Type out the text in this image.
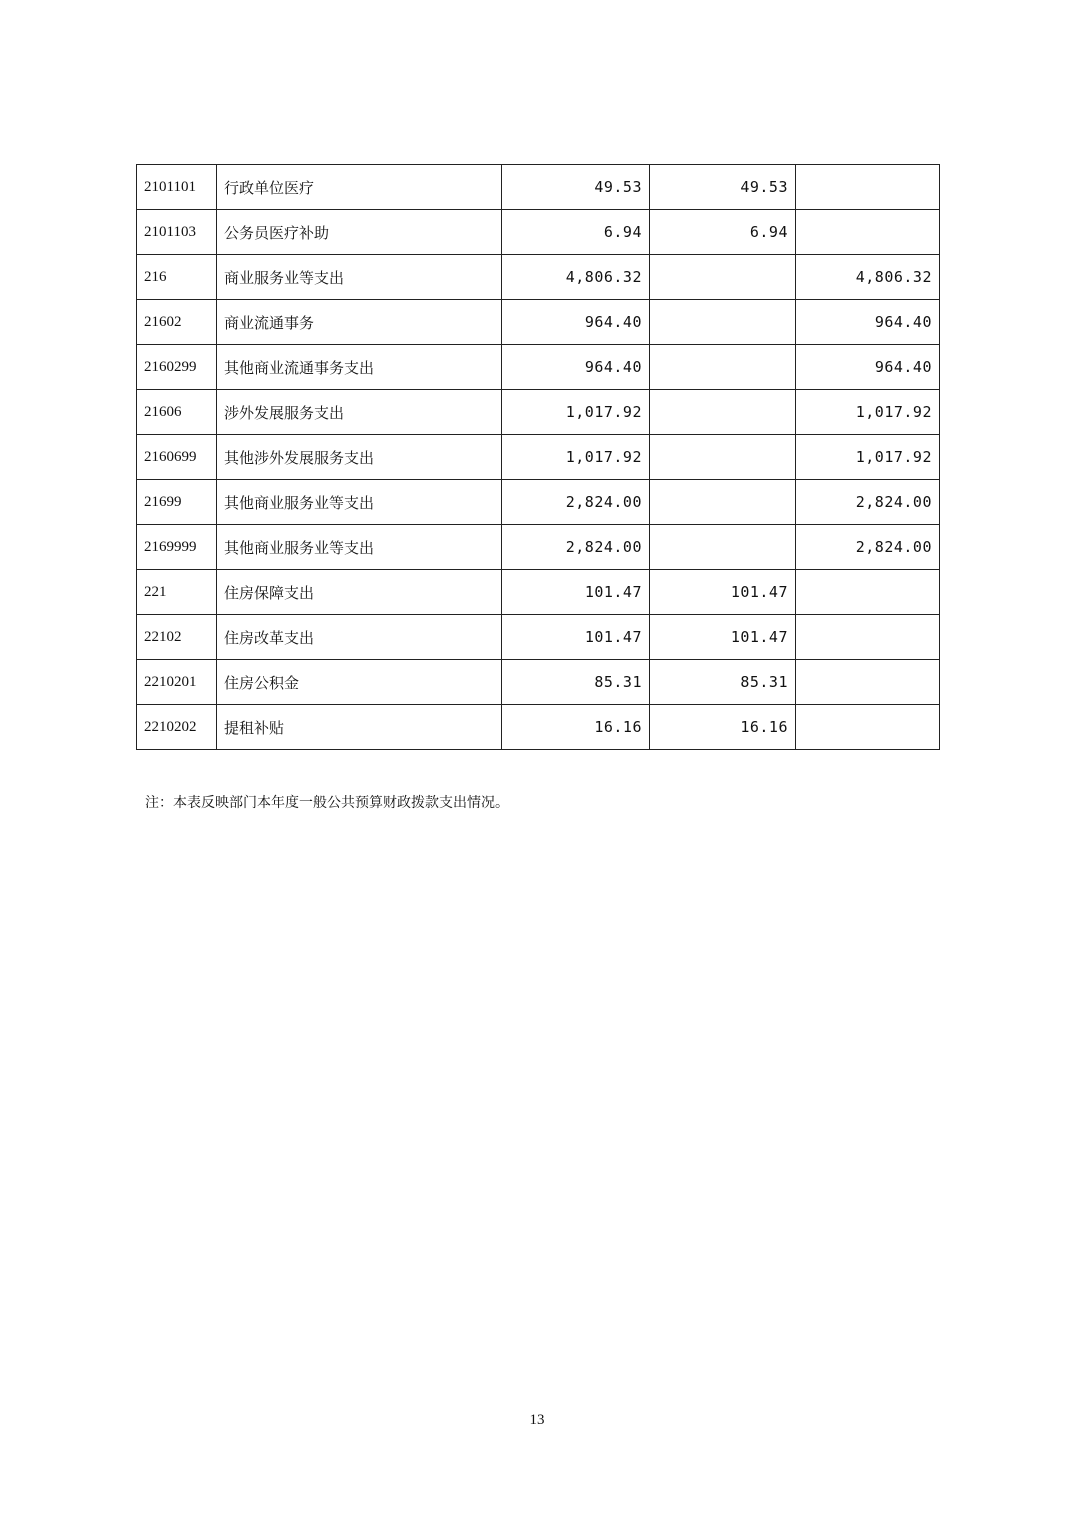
2101101	行政单位医疗	49.53	49.53	
2101103	公务员医疗补助	6.94	6.94	
216	商业服务业等支出	4,806.32		4,806.32
21602	商业流通事务	964.40		964.40
2160299	其他商业流通事务支出	964.40		964.40
21606	涉外发展服务支出	1,017.92		1,017.92
2160699	其他涉外发展服务支出	1,017.92		1,017.92
21699	其他商业服务业等支出	2,824.00		2,824.00
2169999	其他商业服务业等支出	2,824.00		2,824.00
221	住房保障支出	101.47	101.47	
22102	住房改革支出	101.47	101.47	
2210201	住房公积金	85.31	85.31	
2210202	提租补贴	16.16	16.16	
注：本表反映部门本年度一般公共预算财政拨款支出情况。
13
